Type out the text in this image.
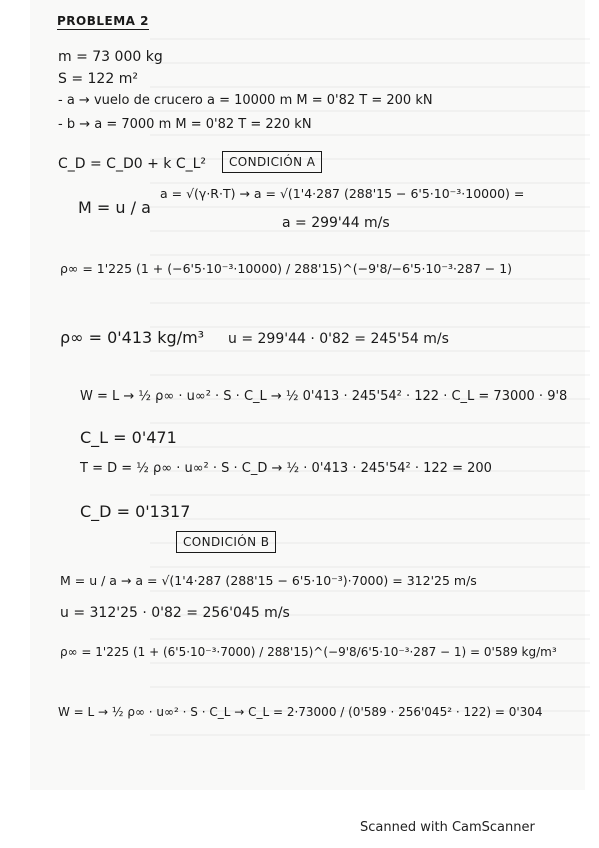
PROBLEMA 2
m = 73 000 kg
S = 122 m²
- a → vuelo de crucero a = 10000 m M = 0'82 T = 200 kN
- b → a = 7000 m M = 0'82 T = 220 kN
C_D = C_D0 + k C_L²	CONDICIÓN A
M = u / a
a = √(γ·R·T) → a = √(1'4·287 (288'15 − 6'5·10⁻³·10000) =
a = 299'44 m/s
ρ∞ = 1'225 (1 + (−6'5·10⁻³·10000) / 288'15)^(−9'8/−6'5·10⁻³·287 − 1)
ρ∞ = 0'413 kg/m³ u = 299'44 · 0'82 = 245'54 m/s
W = L → ½ ρ∞ · u∞² · S · C_L → ½ 0'413 · 245'54² · 122 · C_L = 73000 · 9'8
C_L = 0'471
T = D = ½ ρ∞ · u∞² · S · C_D → ½ · 0'413 · 245'54² · 122 = 200
C_D = 0'1317
CONDICIÓN B
M = u / a → a = √(1'4·287 (288'15 − 6'5·10⁻³)·7000) = 312'25 m/s
u = 312'25 · 0'82 = 256'045 m/s
ρ∞ = 1'225 (1 + (6'5·10⁻³·7000) / 288'15)^(−9'8/6'5·10⁻³·287 − 1) = 0'589 kg/m³
W = L → ½ ρ∞ · u∞² · S · C_L → C_L = 2·73000 / (0'589 · 256'045² · 122) = 0'304
Scanned with CamScanner
